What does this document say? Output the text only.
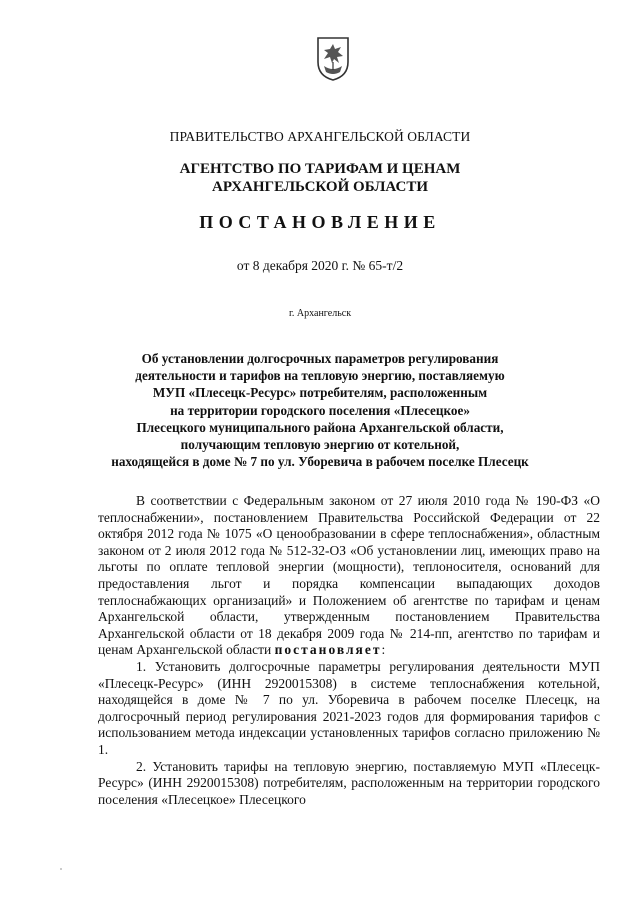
ПРАВИТЕЛЬСТВО АРХАНГЕЛЬСКОЙ ОБЛАСТИ
АГЕНТСТВО ПО ТАРИФАМ И ЦЕНАМ
АРХАНГЕЛЬСКОЙ ОБЛАСТИ
ПОСТАНОВЛЕНИЕ
от 8 декабря 2020 г. № 65-т/2
г. Архангельск
Об установлении долгосрочных параметров регулирования
деятельности и тарифов на тепловую энергию, поставляемую
МУП «Плесецк-Ресурс» потребителям, расположенным
на территории городского поселения «Плесецкое»
Плесецкого муниципального района Архангельской области,
получающим тепловую энергию от котельной,
находящейся в доме № 7 по ул. Уборевича в рабочем поселке Плесецк

В соответствии с Федеральным законом от 27 июля 2010 года № 190-ФЗ «О теплоснабжении», постановлением Правительства Российской Федерации от 22 октября 2012 года № 1075 «О ценообразовании в сфере теплоснабжения», областным законом от 2 июля 2012 года № 512-32-ОЗ «Об установлении лиц, имеющих право на льготы по оплате тепловой энергии (мощности), теплоносителя, оснований для предоставления льгот и порядка компенсации выпадающих доходов теплоснабжающих организаций» и Положением об агентстве по тарифам и ценам Архангельской области, утвержденным постановлением Правительства Архангельской области от 18 декабря 2009 года № 214-пп, агентство по тарифам и ценам Архангельской области постановляет:

1. Установить долгосрочные параметры регулирования деятельности МУП «Плесецк-Ресурс» (ИНН 2920015308) в системе теплоснабжения котельной, находящейся в доме № 7 по ул. Уборевича в рабочем поселке Плесецк, на долгосрочный период регулирования 2021-2023 годов для формирования тарифов с использованием метода индексации установленных тарифов согласно приложению № 1.

2. Установить тарифы на тепловую энергию, поставляемую МУП «Плесецк-Ресурс» (ИНН 2920015308) потребителям, расположенным на территории городского поселения «Плесецкое» Плесецкого
